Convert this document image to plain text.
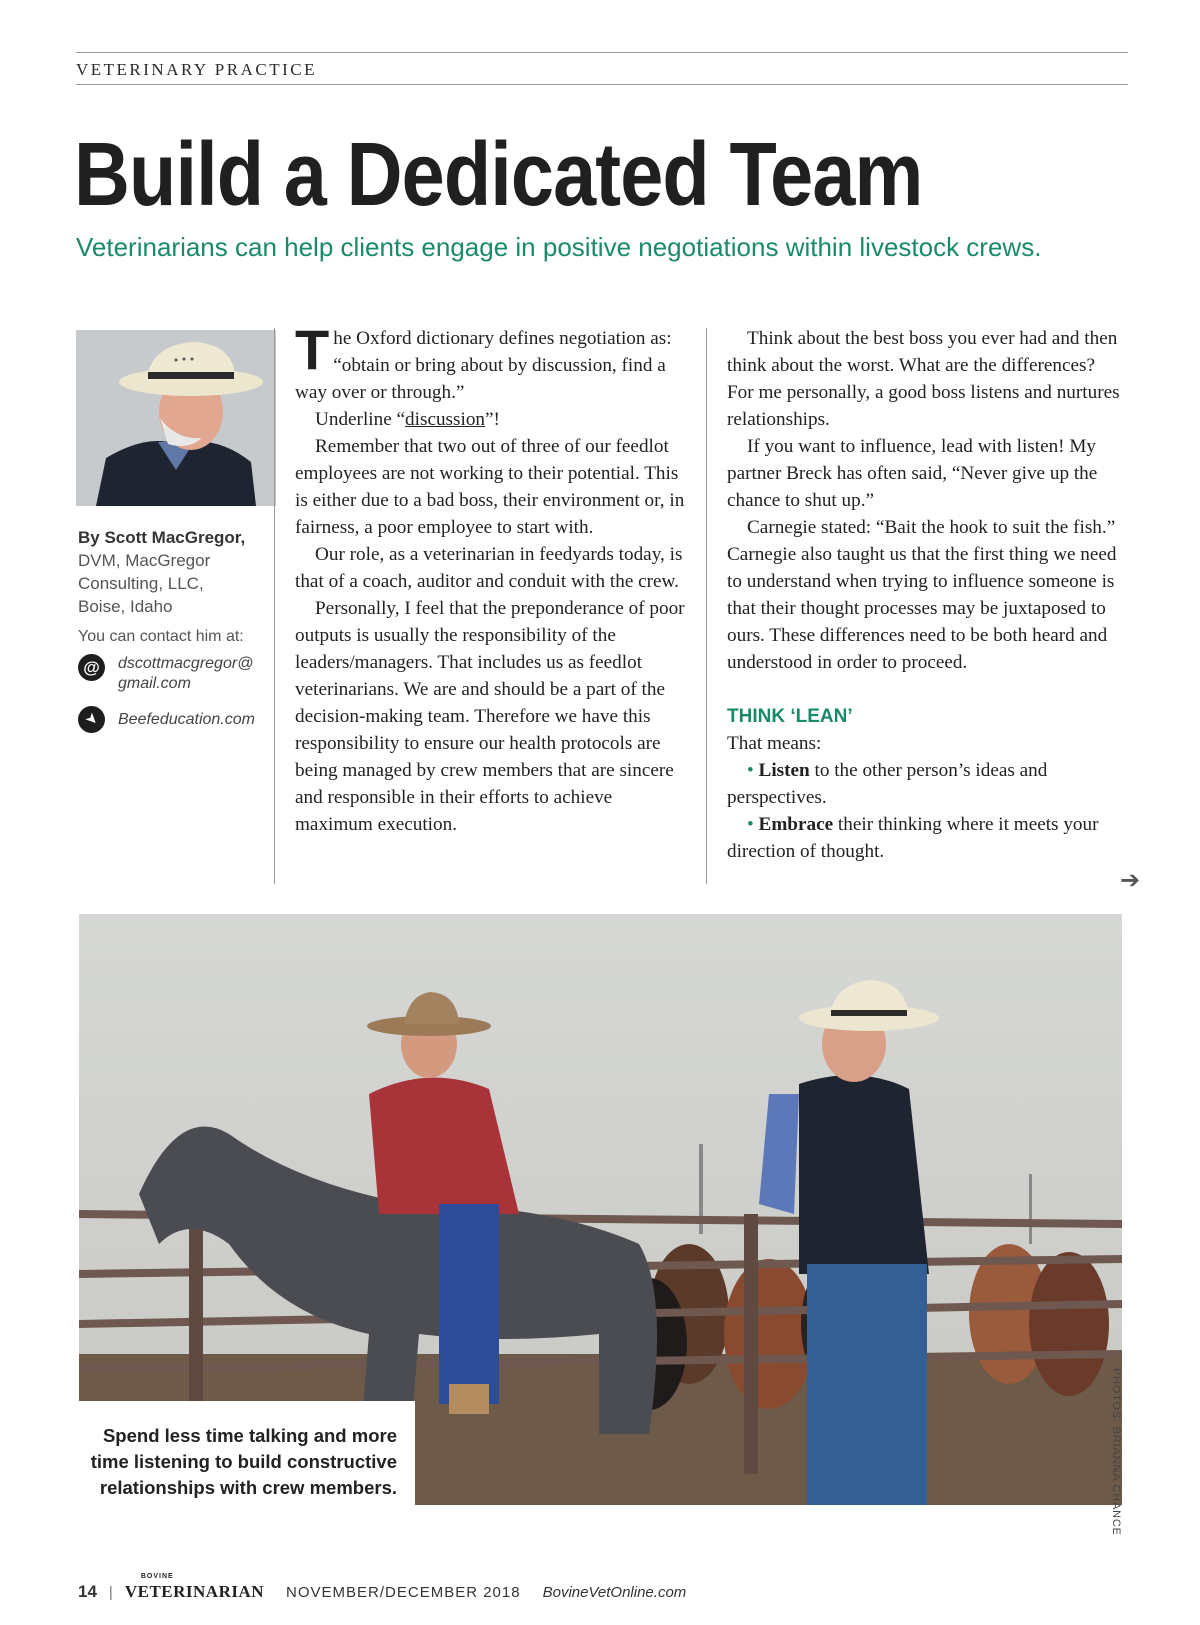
VETERINARY PRACTICE
Build a Dedicated Team
Veterinarians can help clients engage in positive negotiations within livestock crews.
By Scott MacGregor,
DVM, MacGregor
Consulting, LLC,
Boise, Idaho
You can contact him at:
@	dscottmacgregor@
gmail.com
➤	Beefeducation.com

The Oxford dictionary defines negotiation as: “obtain or bring about by discussion, find a way over or through.”

Underline “discussion”!

Remember that two out of three of our feedlot employees are not working to their potential. This is either due to a bad boss, their environment or, in fairness, a poor employee to start with.

Our role, as a veterinarian in feedyards today, is that of a coach, auditor and conduit with the crew.

Personally, I feel that the preponderance of poor outputs is usually the responsibility of the leaders/managers. That includes us as feedlot veterinarians. We are and should be a part of the decision-making team. Therefore we have this responsibility to ensure our health protocols are being managed by crew members that are sincere and responsible in their efforts to achieve maximum execution.

Think about the best boss you ever had and then think about the worst. What are the differences? For me personally, a good boss listens and nurtures relationships.

If you want to influence, lead with listen! My partner Breck has often said, “Never give up the chance to shut up.”

Carnegie stated: “Bait the hook to suit the fish.” Carnegie also taught us that the first thing we need to understand when trying to influence someone is that their thought processes may be juxtaposed to ours. These differences need to be both heard and understood in order to proceed.

THINK ‘LEAN’

That means:

• Listen to the other person’s ideas and perspectives.

• Embrace their thinking where it meets your direction of thought.

➔
Spend less time talking and more time listening to build constructive relationships with crew members.	PHOTOS: BRIANNA CHANCE
14 |
BOVINE
VETERINARIAN NOVEMBER/DECEMBER 2018 BovineVetOnline.com
